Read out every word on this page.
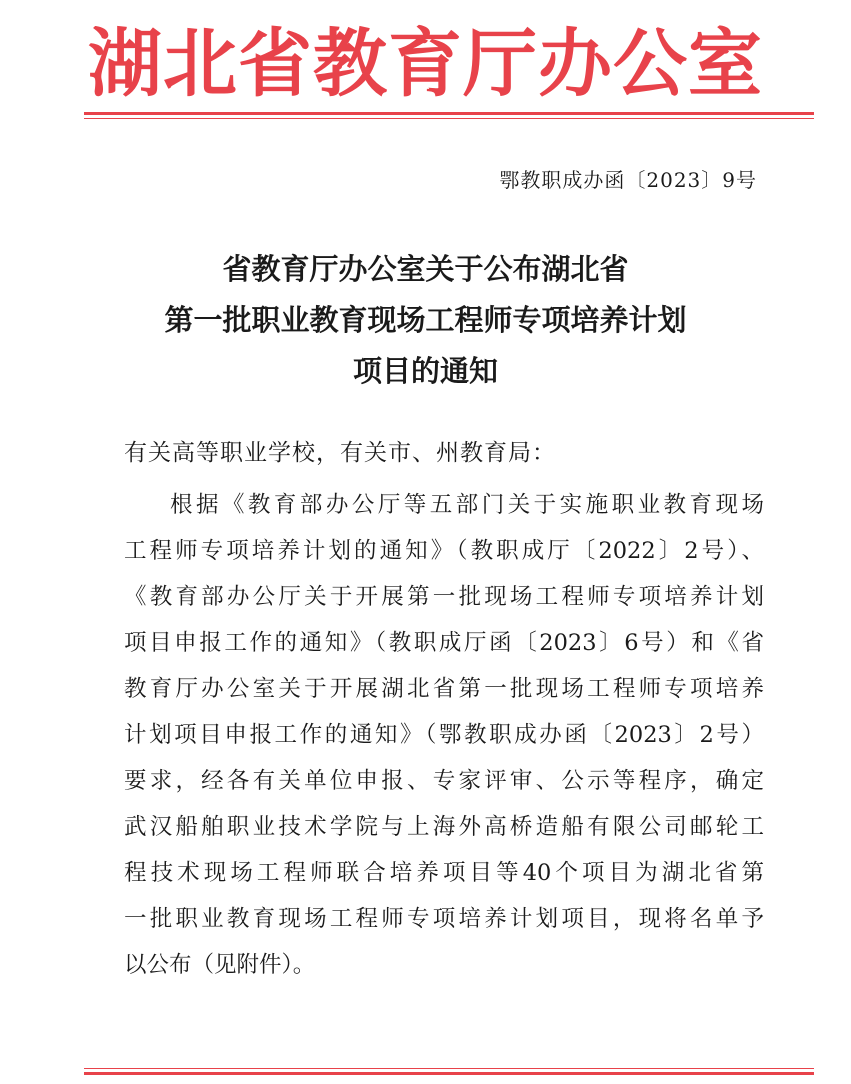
湖北省教育厅办公室
鄂教职成办函〔2023〕9号
省教育厅办公室关于公布湖北省
第一批职业教育现场工程师专项培养计划
项目的通知
有关高等职业学校，有关市、州教育局：
根据《教育部办公厅等五部门关于实施职业教育现场
工程师专项培养计划的通知》（教职成厅〔2022〕2号）、
《教育部办公厅关于开展第一批现场工程师专项培养计划
项目申报工作的通知》（教职成厅函〔2023〕6号）和《省
教育厅办公室关于开展湖北省第一批现场工程师专项培养
计划项目申报工作的通知》（鄂教职成办函〔2023〕2号）
要求，经各有关单位申报、专家评审、公示等程序，确定
武汉船舶职业技术学院与上海外高桥造船有限公司邮轮工
程技术现场工程师联合培养项目等40个项目为湖北省第
一批职业教育现场工程师专项培养计划项目，现将名单予
以公布（见附件）。
